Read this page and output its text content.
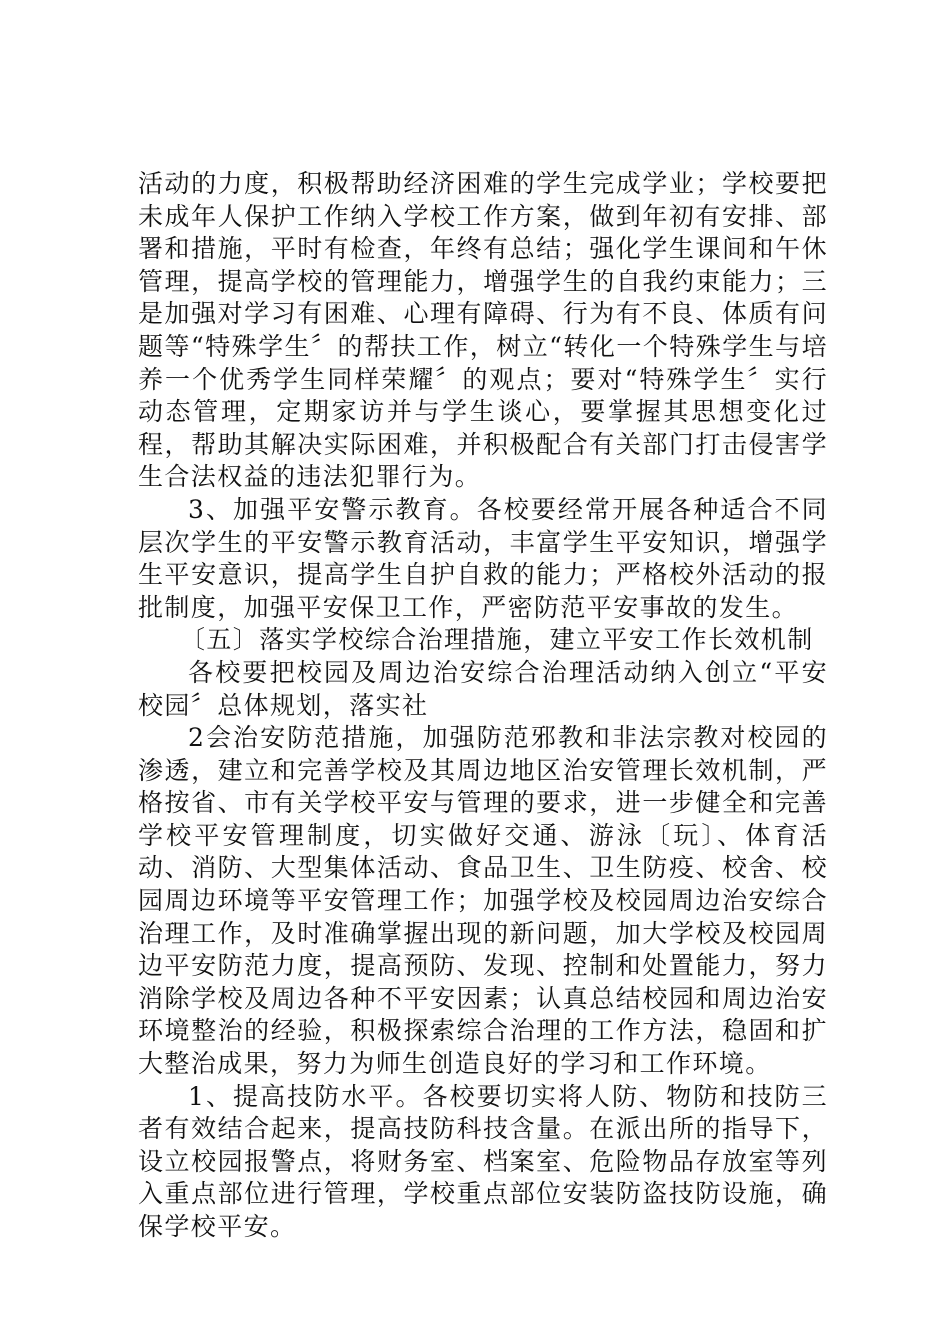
活动的力度，积极帮助经济困难的学生完成学业；学校要把未成年人保护工作纳入学校工作方案，做到年初有安排、部署和措施，平时有检查，年终有总结；强化学生课间和午休管理，提高学校的管理能力，增强学生的自我约束能力；三是加强对学习有困难、心理有障碍、行为有不良、体质有问题等“特殊学生〞的帮扶工作，树立“转化一个特殊学生与培养一个优秀学生同样荣耀〞的观点；要对“特殊学生〞实行动态管理，定期家访并与学生谈心，要掌握其思想变化过程，帮助其解决实际困难，并积极配合有关部门打击侵害学生合法权益的违法犯罪行为。

3、加强平安警示教育。各校要经常开展各种适合不同层次学生的平安警示教育活动，丰富学生平安知识，增强学生平安意识，提高学生自护自救的能力；严格校外活动的报批制度，加强平安保卫工作，严密防范平安事故的发生。

〔五〕落实学校综合治理措施，建立平安工作长效机制

各校要把校园及周边治安综合治理活动纳入创立“平安校园〞总体规划，落实社

2会治安防范措施，加强防范邪教和非法宗教对校园的渗透，建立和完善学校及其周边地区治安管理长效机制，严格按省、市有关学校平安与管理的要求，进一步健全和完善学校平安管理制度，切实做好交通、游泳〔玩〕、体育活动、消防、大型集体活动、食品卫生、卫生防疫、校舍、校园周边环境等平安管理工作；加强学校及校园周边治安综合治理工作，及时准确掌握出现的新问题，加大学校及校园周边平安防范力度，提高预防、发现、控制和处置能力，努力消除学校及周边各种不平安因素；认真总结校园和周边治安环境整治的经验，积极探索综合治理的工作方法，稳固和扩大整治成果，努力为师生创造良好的学习和工作环境。

1、提高技防水平。各校要切实将人防、物防和技防三者有效结合起来，提高技防科技含量。在派出所的指导下，设立校园报警点，将财务室、档案室、危险物品存放室等列入重点部位进行管理，学校重点部位安装防盗技防设施，确保学校平安。
